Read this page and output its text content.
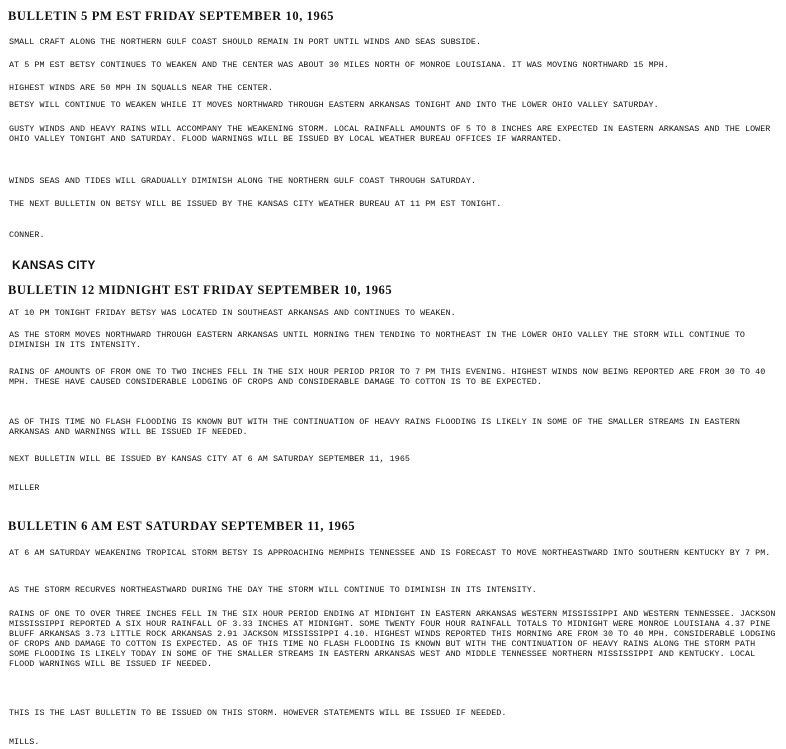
BULLETIN 5 PM EST FRIDAY SEPTEMBER 10, 1965

SMALL CRAFT ALONG THE NORTHERN GULF COAST SHOULD REMAIN IN PORT UNTIL WINDS AND SEAS SUBSIDE.

AT 5 PM EST BETSY CONTINUES TO WEAKEN AND THE CENTER WAS ABOUT 30 MILES NORTH OF MONROE LOUISIANA. IT WAS MOVING NORTHWARD 15 MPH.

HIGHEST WINDS ARE 50 MPH IN SQUALLS NEAR THE CENTER.

BETSY WILL CONTINUE TO WEAKEN WHILE IT MOVES NORTHWARD THROUGH EASTERN ARKANSAS TONIGHT AND INTO THE LOWER OHIO VALLEY SATURDAY.

GUSTY WINDS AND HEAVY RAINS WILL ACCOMPANY THE WEAKENING STORM. LOCAL RAINFALL AMOUNTS OF 5 TO 8 INCHES ARE EXPECTED IN EASTERN ARKANSAS AND THE LOWER OHIO VALLEY TONIGHT AND SATURDAY. FLOOD WARNINGS WILL BE ISSUED BY LOCAL WEATHER BUREAU OFFICES IF WARRANTED.

WINDS SEAS AND TIDES WILL GRADUALLY DIMINISH ALONG THE NORTHERN GULF COAST THROUGH SATURDAY.

THE NEXT BULLETIN ON BETSY WILL BE ISSUED BY THE KANSAS CITY WEATHER BUREAU AT 11 PM EST TONIGHT.

CONNER.

KANSAS CITY
BULLETIN 12 MIDNIGHT EST FRIDAY SEPTEMBER 10, 1965

AT 10 PM TONIGHT FRIDAY BETSY WAS LOCATED IN SOUTHEAST ARKANSAS AND CONTINUES TO WEAKEN.

AS THE STORM MOVES NORTHWARD THROUGH EASTERN ARKANSAS UNTIL MORNING THEN TENDING TO NORTHEAST IN THE LOWER OHIO VALLEY THE STORM WILL CONTINUE TO DIMINISH IN ITS INTENSITY.

RAINS OF AMOUNTS OF FROM ONE TO TWO INCHES FELL IN THE SIX HOUR PERIOD PRIOR TO 7 PM THIS EVENING. HIGHEST WINDS NOW BEING REPORTED ARE FROM 30 TO 40 MPH. THESE HAVE CAUSED CONSIDERABLE LODGING OF CROPS AND CONSIDERABLE DAMAGE TO COTTON IS TO BE EXPECTED.

AS OF THIS TIME NO FLASH FLOODING IS KNOWN BUT WITH THE CONTINUATION OF HEAVY RAINS FLOODING IS LIKELY IN SOME OF THE SMALLER STREAMS IN EASTERN ARKANSAS AND WARNINGS WILL BE ISSUED IF NEEDED.

NEXT BULLETIN WILL BE ISSUED BY KANSAS CITY AT 6 AM SATURDAY SEPTEMBER 11, 1965

MILLER

BULLETIN 6 AM EST SATURDAY SEPTEMBER 11, 1965

AT 6 AM SATURDAY WEAKENING TROPICAL STORM BETSY IS APPROACHING MEMPHIS TENNESSEE AND IS FORECAST TO MOVE NORTHEASTWARD INTO SOUTHERN KENTUCKY BY 7 PM.

AS THE STORM RECURVES NORTHEASTWARD DURING THE DAY THE STORM WILL CONTINUE TO DIMINISH IN ITS INTENSITY.

RAINS OF ONE TO OVER THREE INCHES FELL IN THE SIX HOUR PERIOD ENDING AT MIDNIGHT IN EASTERN ARKANSAS WESTERN MISSISSIPPI AND WESTERN TENNESSEE. JACKSON MISSISSIPPI REPORTED A SIX HOUR RAINFALL OF 3.33 INCHES AT MIDNIGHT. SOME TWENTY FOUR HOUR RAINFALL TOTALS TO MIDNIGHT WERE MONROE LOUISIANA 4.37 PINE BLUFF ARKANSAS 3.73 LITTLE ROCK ARKANSAS 2.91 JACKSON MISSISSIPPI 4.10. HIGHEST WINDS REPORTED THIS MORNING ARE FROM 30 TO 40 MPH. CONSIDERABLE LODGING OF CROPS AND DAMAGE TO COTTON IS EXPECTED. AS OF THIS TIME NO FLASH FLOODING IS KNOWN BUT WITH THE CONTINUATION OF HEAVY RAINS ALONG THE STORM PATH SOME FLOODING IS LIKELY TODAY IN SOME OF THE SMALLER STREAMS IN EASTERN ARKANSAS WEST AND MIDDLE TENNESSEE NORTHERN MISSISSIPPI AND KENTUCKY. LOCAL FLOOD WARNINGS WILL BE ISSUED IF NEEDED.

THIS IS THE LAST BULLETIN TO BE ISSUED ON THIS STORM. HOWEVER STATEMENTS WILL BE ISSUED IF NEEDED.

MILLS.
